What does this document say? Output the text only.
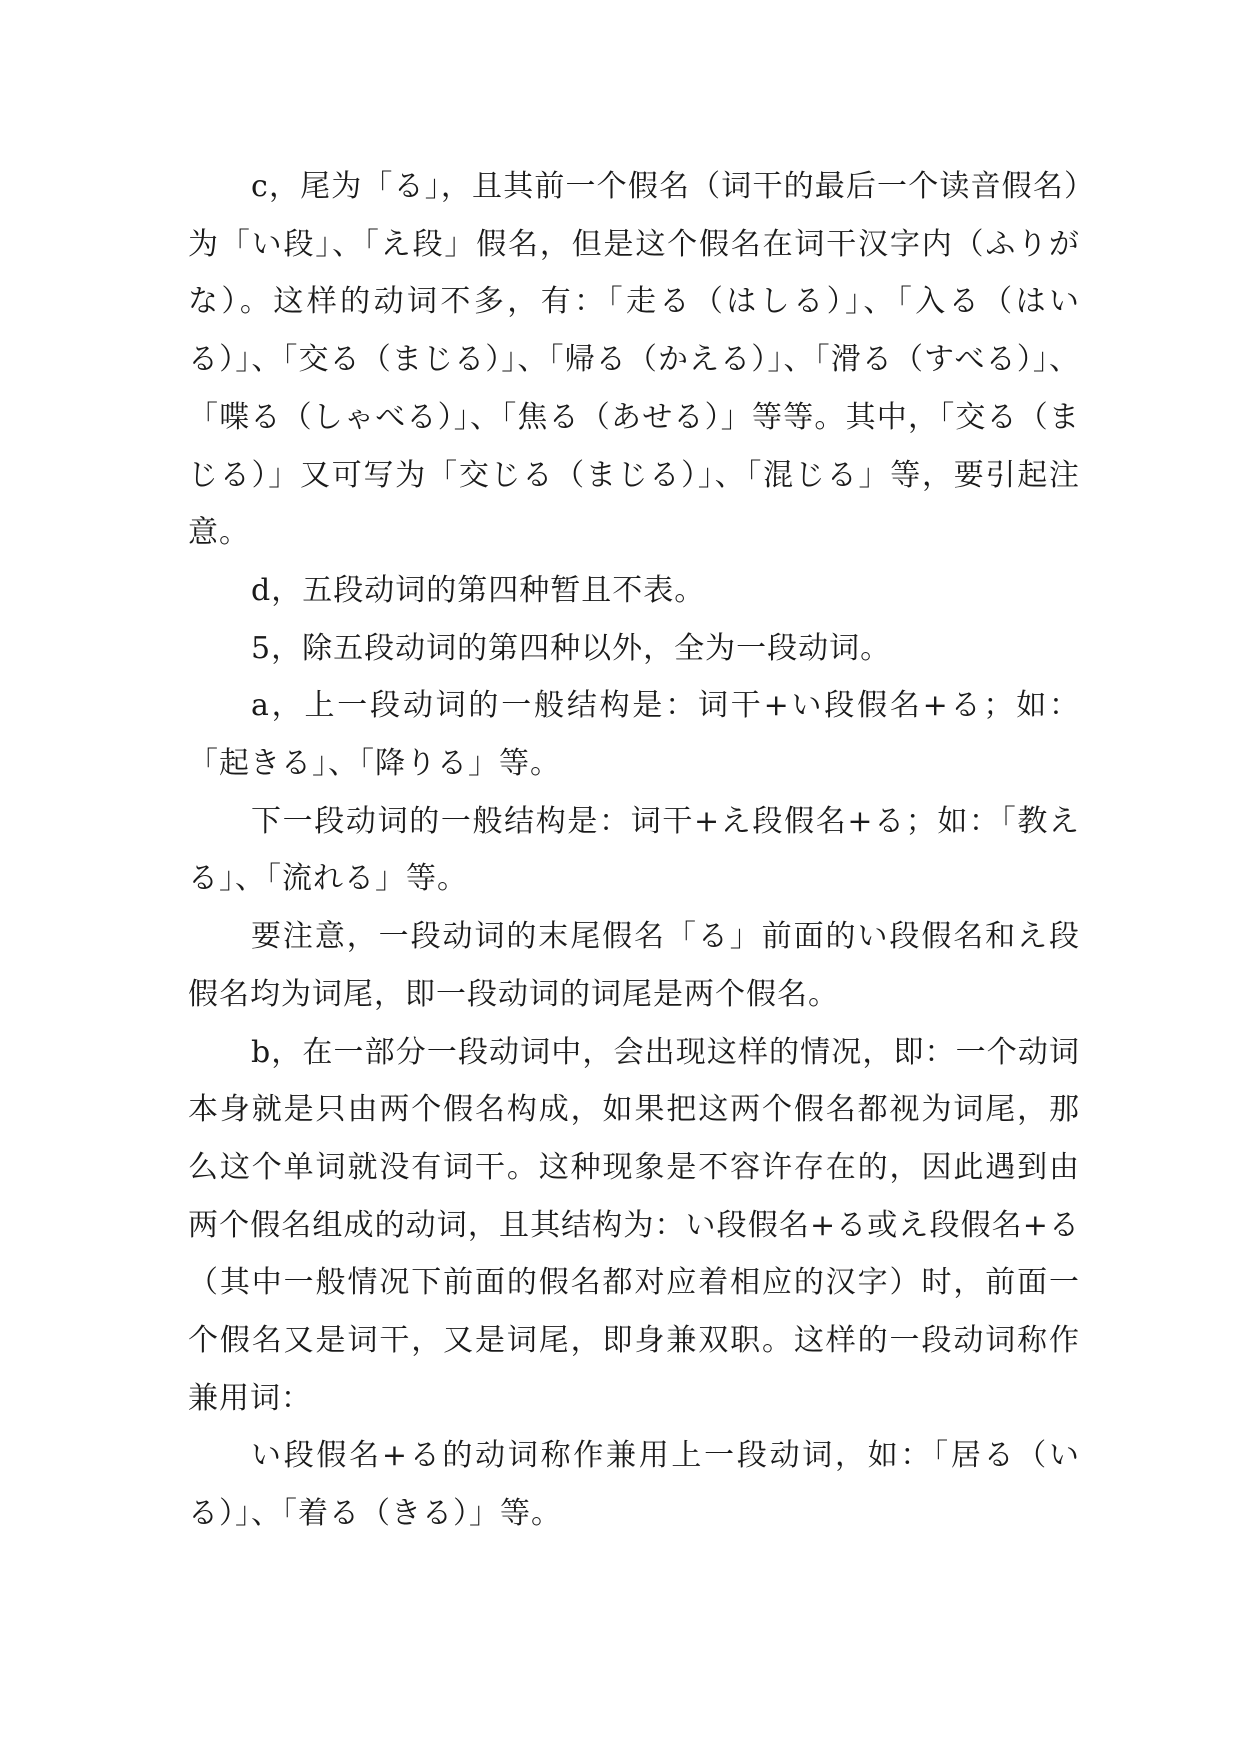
c，尾为「る」，且其前一个假名（词干的最后一个读音假名）为「い段」、「え段」假名，但是这个假名在词干汉字内（ふりがな）。这样的动词不多，有：「走る（はしる）」、「入る（はいる）」、「交る（まじる）」、「帰る（かえる）」、「滑る（すべる）」、「喋る（しゃべる）」、「焦る（あせる）」等等。其中，「交る（まじる）」又可写为「交じる（まじる）」、「混じる」等，要引起注意。

d，五段动词的第四种暂且不表。

5，除五段动词的第四种以外，全为一段动词。

a，上一段动词的一般结构是：词干+い段假名+る；如：「起きる」、「降りる」等。

下一段动词的一般结构是：词干+え段假名+る；如：「教える」、「流れる」等。

要注意，一段动词的末尾假名「る」前面的い段假名和え段假名均为词尾，即一段动词的词尾是两个假名。

b，在一部分一段动词中，会出现这样的情况，即：一个动词本身就是只由两个假名构成，如果把这两个假名都视为词尾，那么这个单词就没有词干。这种现象是不容许存在的，因此遇到由两个假名组成的动词，且其结构为：い段假名+る或え段假名+る（其中一般情况下前面的假名都对应着相应的汉字）时，前面一个假名又是词干，又是词尾，即身兼双职。这样的一段动词称作兼用词：

い段假名+る的动词称作兼用上一段动词，如：「居る（いる）」、「着る（きる）」等。
